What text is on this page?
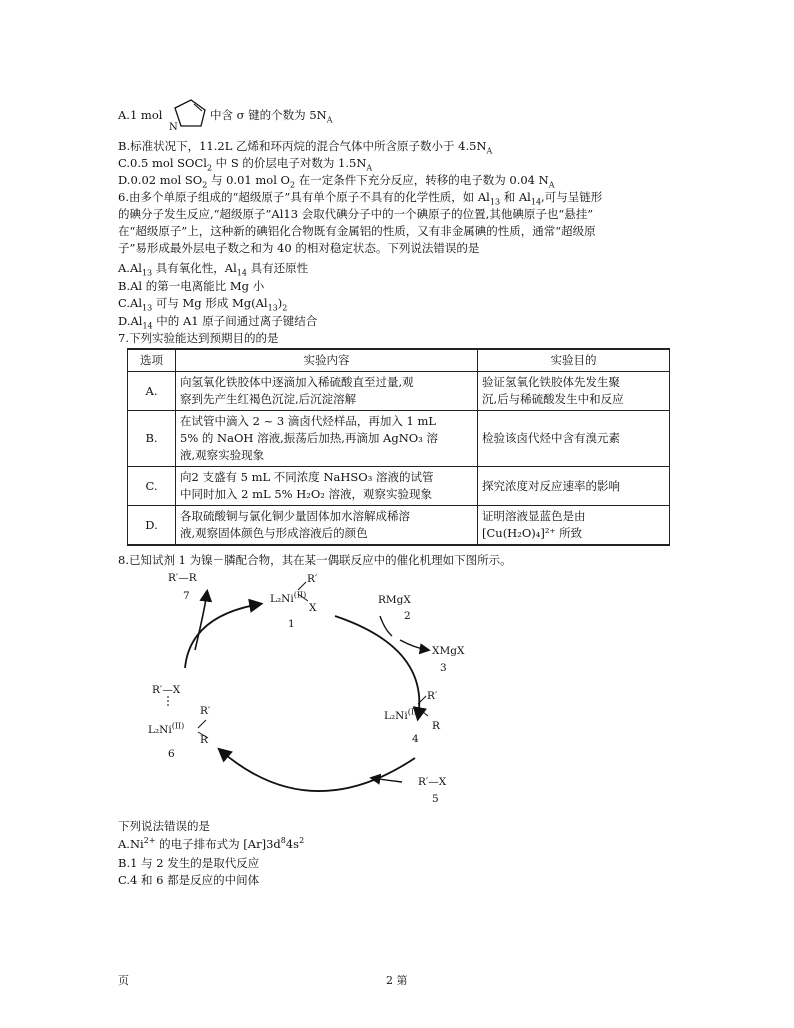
A.1 mol
N
中含 σ 键的个数为 $5N_A$
B.标准状况下，11.2L 乙烯和环丙烷的混合气体中所含原子数小于 $4.5N_A$
C.0.5 mol SOCl$_2$ 中 S 的价层电子对数为 $1.5N_A$
D.0.02 mol $SO_2$ 与 0.01 mol $O_2$ 在一定条件下充分反应，转移的电子数为 0.04 $N_A$
6.由多个单原子组成的“超级原子”具有单个原子不具有的化学性质，如 $Al_{13}$ 和 $Al_{14}$,可与呈链形
的碘分子发生反应,“超级原子”Al13 会取代碘分子中的一个碘原子的位置,其他碘原子也“悬挂”
在“超级原子”上，这种新的碘铝化合物既有金属铝的性质，又有非金属碘的性质，通常“超级原
子”易形成最外层电子数之和为 40 的相对稳定状态。下列说法错误的是
$A.Al_{13}$ 具有氧化性，$Al_{14}$ 具有还原性
B.Al 的第一电离能比 Mg 小
$C.Al_{13}$ 可与 Mg 形成 $Mg(Al_{13})_2$
$D.Al_{14}$ 中的 A1 原子间通过离子键结合
7.下列实验能达到预期目的的是
选项	实验内容	实验目的
A.	向氢氧化铁胶体中逐滴加入稀硫酸直至过量,观
察到先产生红褐色沉淀,后沉淀溶解	验证氢氧化铁胶体先发生聚
沉,后与稀硫酸发生中和反应

B.	在试管中滴入 2 ~ 3 滴卤代烃样品，再加入 1 mL
5% 的 NaOH 溶液,振荡后加热,再滴加 AgNO₃ 溶
液,观察实验现象	检验该卤代烃中含有溴元素

C.	向2 支盛有 5 mL 不同浓度 NaHSO₃ 溶液的试管
中同时加入 2 mL 5% H₂O₂ 溶液，观察实验现象	探究浓度对反应速率的影响

D.	各取硫酸铜与氯化铜少量固体加水溶解成稀溶
液,观察固体颜色与形成溶液后的颜色	证明溶液显蓝色是由
[Cu(H₂O)₄]²⁺ 所致
8.已知试剂 1 为镍－膦配合物，其在某一偶联反应中的催化机理如下图所示。
R′—R
7
R′
$L_2Ni^{(II)}$
X
1
RMgX
2
XMgX
3
R′
$L_2Ni^{(II)}$
R
4
R′—X
5
R′—X
R′
$L_2Ni^{(II)}$
R
6
下列说法错误的是
$A.Ni^{2+}$ 的电子排布式为 $[Ar]3d^84s^2$
B.1 与 2 发生的是取代反应
C.4 和 6 都是反应的中间体
页	2 第
